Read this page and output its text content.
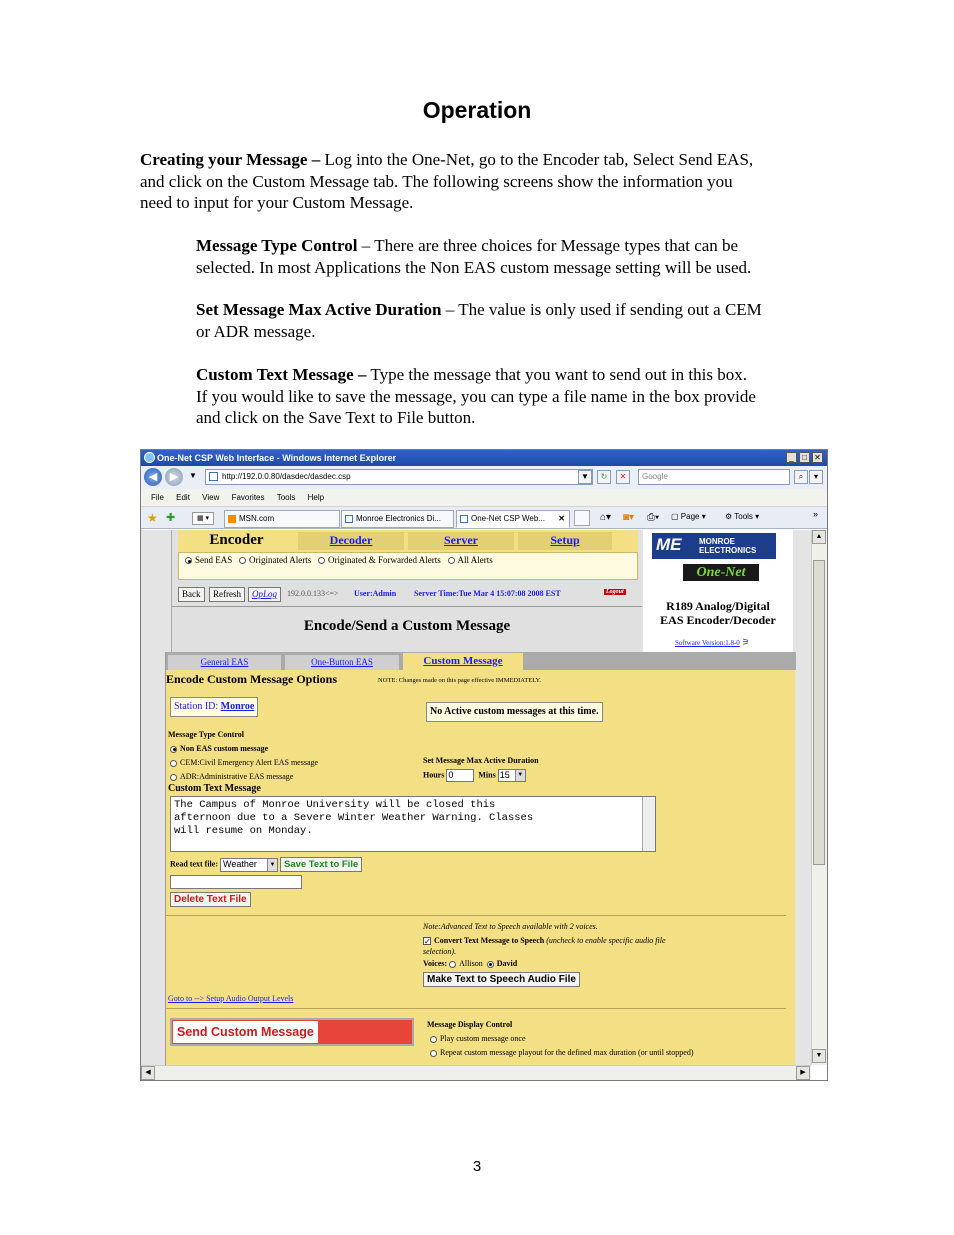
Operation
Creating your Message – Log into the One-Net, go to the Encoder tab, Select Send EAS,
and click on the Custom Message tab. The following screens show the information you
need to input for your Custom Message.
Message Type Control – There are three choices for Message types that can be
selected. In most Applications the Non EAS custom message setting will be used.
Set Message Max Active Duration – The value is only used if sending out a CEM
or ADR message.
Custom Text Message – Type the message that you want to send out in this box.
If you would like to save the message, you can type a file name in the box provide
and click on the Save Text to File button.
One-Net CSP Web Interface - Windows Internet Explorer	_	□ ✕
◀	▶	▼	http://192.0.0.80/dasdec/dasdec.csp	▼	↻	✕	Google	⌕	▾
File Edit View Favorites Tools Help
★ ✚	▦ ▾	MSN.com	Monroe Electronics Di...	One-Net CSP Web... ✕	⌂▾ ◙▾ ⎙▾ ▢ Page ▾ ⚙ Tools ▾	»
Encoder	Decoder	Server	Setup
Send EAS Originated Alerts Originated & Forwarded Alerts All Alerts
Back	Refresh	OpLog	192.0.0.133<=> User:Admin Server Time:Tue Mar 4 15:07:08 2008 EST	Logout
Encode/Send a Custom Message
ME MONROE
ELECTRONICS
One-Net
R189 Analog/Digital
EAS Encoder/Decoder
Software Version:1.8-0 ⚞
General EAS	One-Button EAS	Custom Message
Encode Custom Message Options	NOTE: Changes made on this page effective IMMEDIATELY.
Station ID: Monroe	No Active custom messages at this time.
Message Type Control
Non EAS custom message
CEM:Civil Emergency Alert EAS message
ADR:Administrative EAS message
Set Message Max Active Duration
Hours 0	Mins 15	▼
Custom Text Message
The Campus of Monroe University will be closed this
afternoon due to a Severe Winter Weather Warning. Classes
will resume on Monday.
Read text file: Weather	▼ Save Text to File
Delete Text File
Note:Advanced Text to Speech available with 2 voices.
✓ Convert Text Message to Speech (uncheck to enable specific audio file
selection).
Voices: Allison David
Make Text to Speech Audio File
Goto to --> Setup Audio Output Levels
Send Custom Message
Message Display Control
Play custom message once
Repeat custom message playout for the defined max duration (or until stopped)
▲
▼
◀	▶
3
